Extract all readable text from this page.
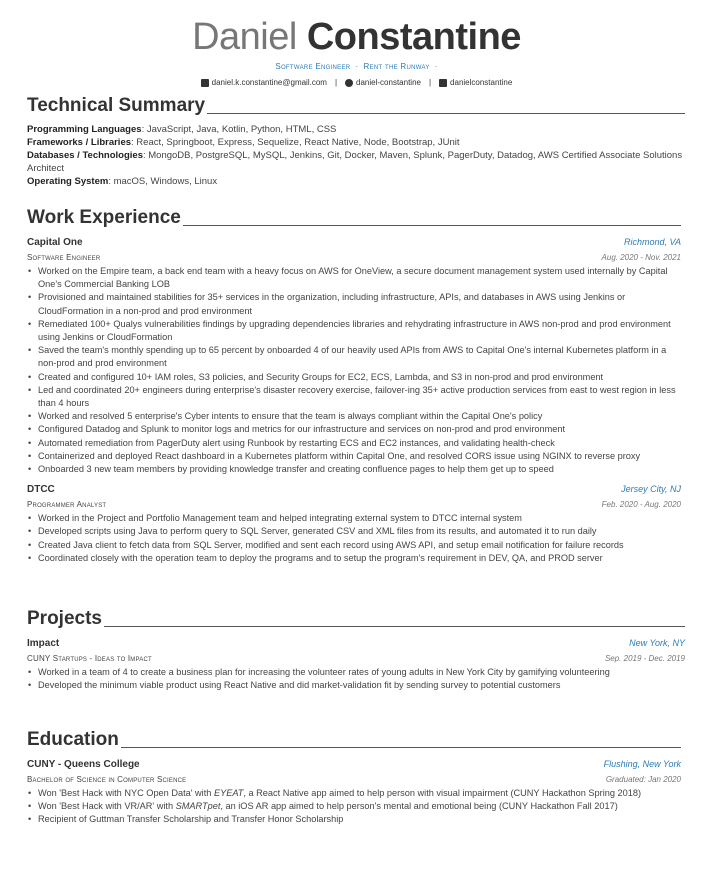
Daniel Constantine
Software Engineer · Rent the Runway ·
daniel.k.constantine@gmail.com | daniel-constantine | danielconstantine
Technical Summary
Programming Languages: JavaScript, Java, Kotlin, Python, HTML, CSS
Frameworks / Libraries: React, Springboot, Express, Sequelize, React Native, Node, Bootstrap, JUnit
Databases / Technologies: MongoDB, PostgreSQL, MySQL, Jenkins, Git, Docker, Maven, Splunk, PagerDuty, Datadog, AWS Certified Associate Solutions Architect
Operating System: macOS, Windows, Linux
Work Experience
Capital One	Richmond, VA
Software Engineer	Aug. 2020 - Nov. 2021
• Worked on the Empire team, a back end team with a heavy focus on AWS for OneView, a secure document management system used internally by Capital One's Commercial Banking LOB
• Provisioned and maintained stabilities for 35+ services in the organization, including infrastructure, APIs, and databases in AWS using Jenkins or CloudFormation in a non-prod and prod environment
• Remediated 100+ Qualys vulnerabilities findings by upgrading dependencies libraries and rehydrating infrastructure in AWS non-prod and prod environment using Jenkins or CloudFormation
• Saved the team's monthly spending up to 65 percent by onboarded 4 of our heavily used APIs from AWS to Capital One's internal Kubernetes platform in a non-prod and prod environment
• Created and configured 10+ IAM roles, S3 policies, and Security Groups for EC2, ECS, Lambda, and S3 in non-prod and prod environment
• Led and coordinated 20+ engineers during enterprise's disaster recovery exercise, failover-ing 35+ active production services from east to west region in less than 4 hours
• Worked and resolved 5 enterprise's Cyber intents to ensure that the team is always compliant within the Capital One's policy
• Configured Datadog and Splunk to monitor logs and metrics for our infrastructure and services on non-prod and prod environment
• Automated remediation from PagerDuty alert using Runbook by restarting ECS and EC2 instances, and validating health-check
• Containerized and deployed React dashboard in a Kubernetes platform within Capital One, and resolved CORS issue using NGINX to reverse proxy
• Onboarded 3 new team members by providing knowledge transfer and creating confluence pages to help them get up to speed
DTCC	Jersey City, NJ
Programmer Analyst	Feb. 2020 - Aug. 2020
• Worked in the Project and Portfolio Management team and helped integrating external system to DTCC internal system
• Developed scripts using Java to perform query to SQL Server, generated CSV and XML files from its results, and automated it to run daily
• Created Java client to fetch data from SQL Server, modified and sent each record using AWS API, and setup email notification for failure records
• Coordinated closely with the operation team to deploy the programs and to setup the program's requirement in DEV, QA, and PROD server
Projects
Impact	New York, NY
CUNY Startups - Ideas to Impact	Sep. 2019 - Dec. 2019
• Worked in a team of 4 to create a business plan for increasing the volunteer rates of young adults in New York City by gamifying volunteering
• Developed the minimum viable product using React Native and did market-validation fit by sending survey to potential customers
Education
CUNY - Queens College	Flushing, New York
Bachelor of Science in Computer Science	Graduated: Jan 2020
• Won 'Best Hack with NYC Open Data' with EYEAT, a React Native app aimed to help person with visual impairment (CUNY Hackathon Spring 2018)
• Won 'Best Hack with VR/AR' with SMARTpet, an iOS AR app aimed to help person's mental and emotional being (CUNY Hackathon Fall 2017)
• Recipient of Guttman Transfer Scholarship and Transfer Honor Scholarship
